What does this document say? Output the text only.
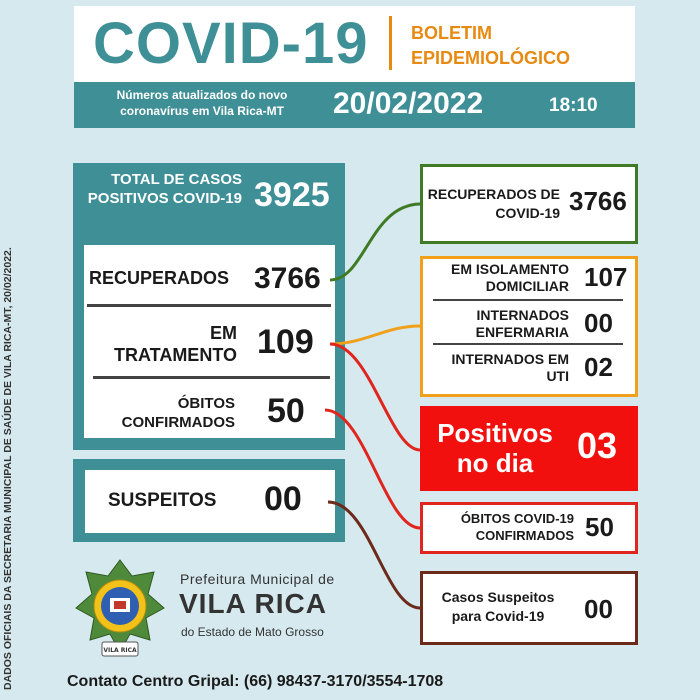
COVID-19 BOLETIM
EPIDEMIOLÓGICO
Números atualizados do novo
coronavírus em Vila Rica-MT	20/02/2022	18:10
TOTAL DE CASOS POSITIVOS COVID-19 3925
RECUPERADOS 3766
EM TRATAMENTO 109
ÓBITOS CONFIRMADOS 50
SUSPEITOS 00
RECUPERADOS DE COVID-19 3766
EM ISOLAMENTO DOMICILIAR 107
INTERNADOS ENFERMARIA 00
INTERNADOS EM UTI 02
Positivos no dia	03
ÓBITOS COVID-19 CONFIRMADOS 50
Casos Suspeitos para Covid-19	00
VILA RICA
Prefeitura Municipal de
VILA RICA
do Estado de Mato Grosso
Contato Centro Gripal: (66) 98437-3170/3554-1708
DADOS OFICIAIS DA SECRETARIA MUNICIPAL DE SAÚDE DE VILA RICA-MT, 20/02/2022.
